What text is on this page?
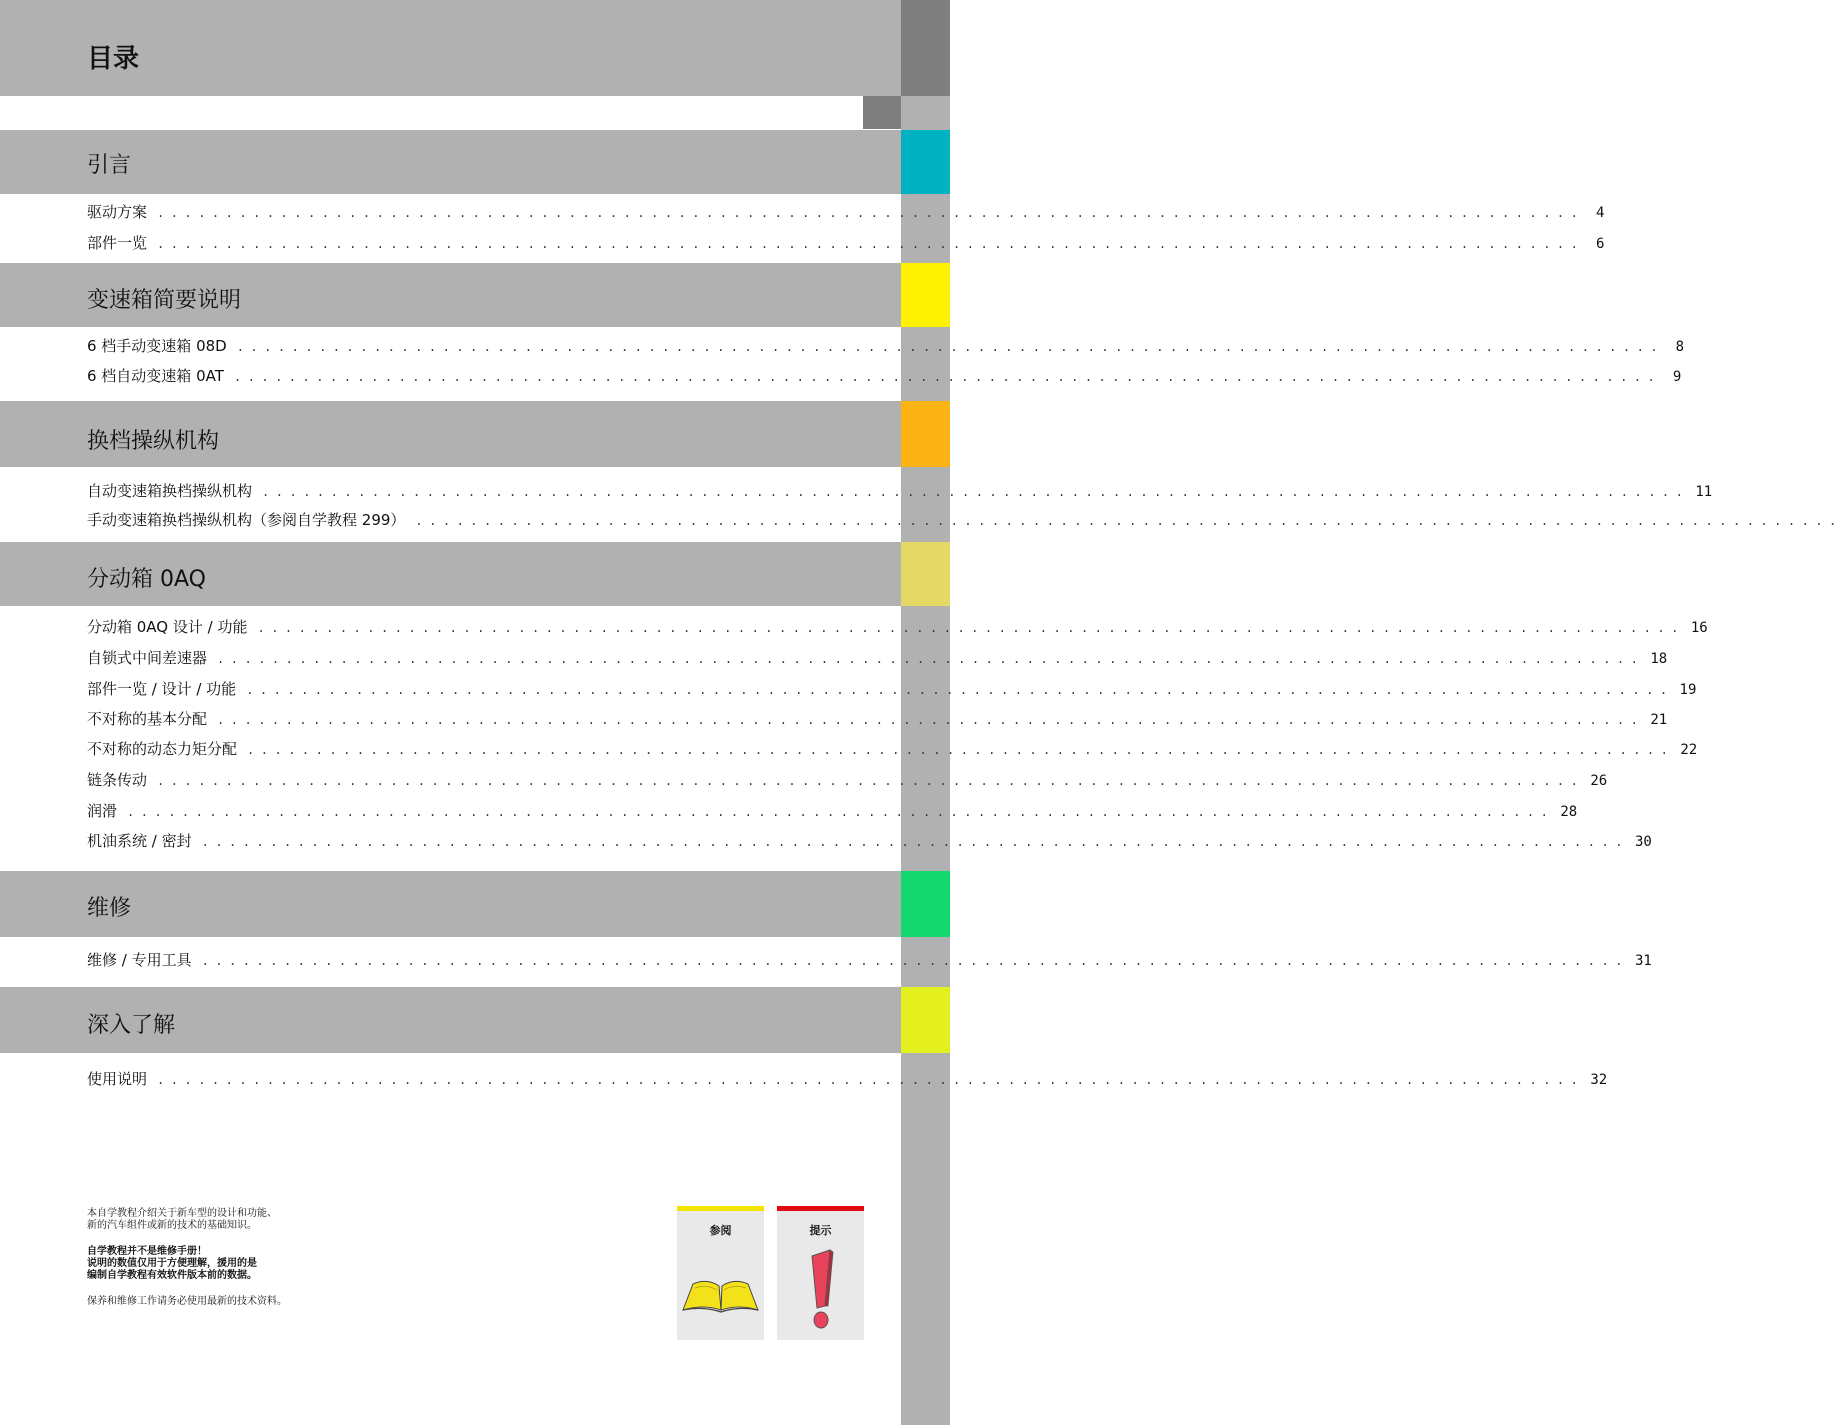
目录
引言
驱动方案 ........................................................................................................ 4
部件一览 ........................................................................................................ 6
变速箱简要说明
6 档手动变速箱 08D ........................................................................................................ 8
6 档自动变速箱 0AT ........................................................................................................ 9
换档操纵机构
自动变速箱换档操纵机构 ........................................................................................................ 11
手动变速箱换档操纵机构（参阅自学教程 299） ........................................................................................................
分动箱 0AQ
分动箱 0AQ 设计 / 功能 ........................................................................................................ 16
自锁式中间差速器 ........................................................................................................ 18
部件一览 / 设计 / 功能 ........................................................................................................ 19
不对称的基本分配 ........................................................................................................ 21
不对称的动态力矩分配 ........................................................................................................ 22
链条传动 ........................................................................................................ 26
润滑 ........................................................................................................ 28
机油系统 / 密封 ........................................................................................................ 30
维修
维修 / 专用工具 ........................................................................................................ 31
深入了解
使用说明 ........................................................................................................ 32
本自学教程介绍关于新车型的设计和功能、
新的汽车组件或新的技术的基础知识。
自学教程并不是维修手册！
说明的数值仅用于方便理解，援用的是
编制自学教程有效软件版本前的数据。
保养和维修工作请务必使用最新的技术资料。
参阅	提示
